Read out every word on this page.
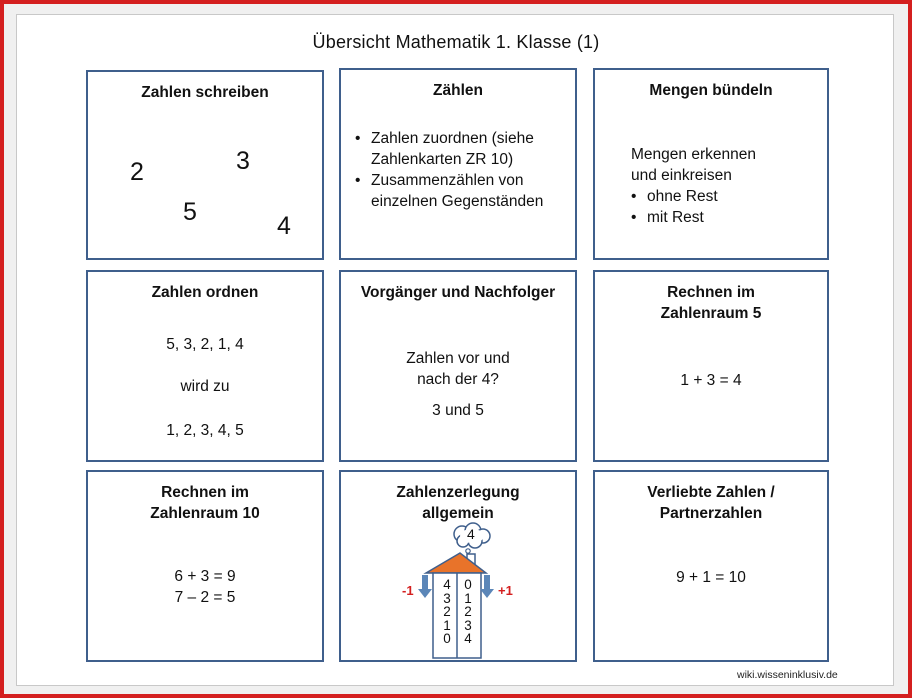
Übersicht Mathematik 1. Klasse (1)
Zahlen schreiben
2	3
5	4
Zählen
• Zahlen zuordnen (siehe Zahlenkarten ZR 10)
• Zusammenzählen von einzelnen Gegenständen
Mengen bündeln
Mengen erkennen
und einkreisen
• ohne Rest
• mit Rest
Zahlen ordnen
5, 3, 2, 1, 4
wird zu
1, 2, 3, 4, 5
Vorgänger und Nachfolger
Zahlen vor und
nach der 4?
3 und 5
Rechnen im
Zahlenraum 5
1 + 3 = 4
Rechnen im
Zahlenraum 10
6 + 3 = 9
7 – 2 = 5
Zahlenzerlegung
allgemein
4
-1	+1
4
3
2
1
0
0
1
2
3
4
Verliebte Zahlen /
Partnerzahlen
9 + 1 = 10
wiki.wisseninklusiv.de
